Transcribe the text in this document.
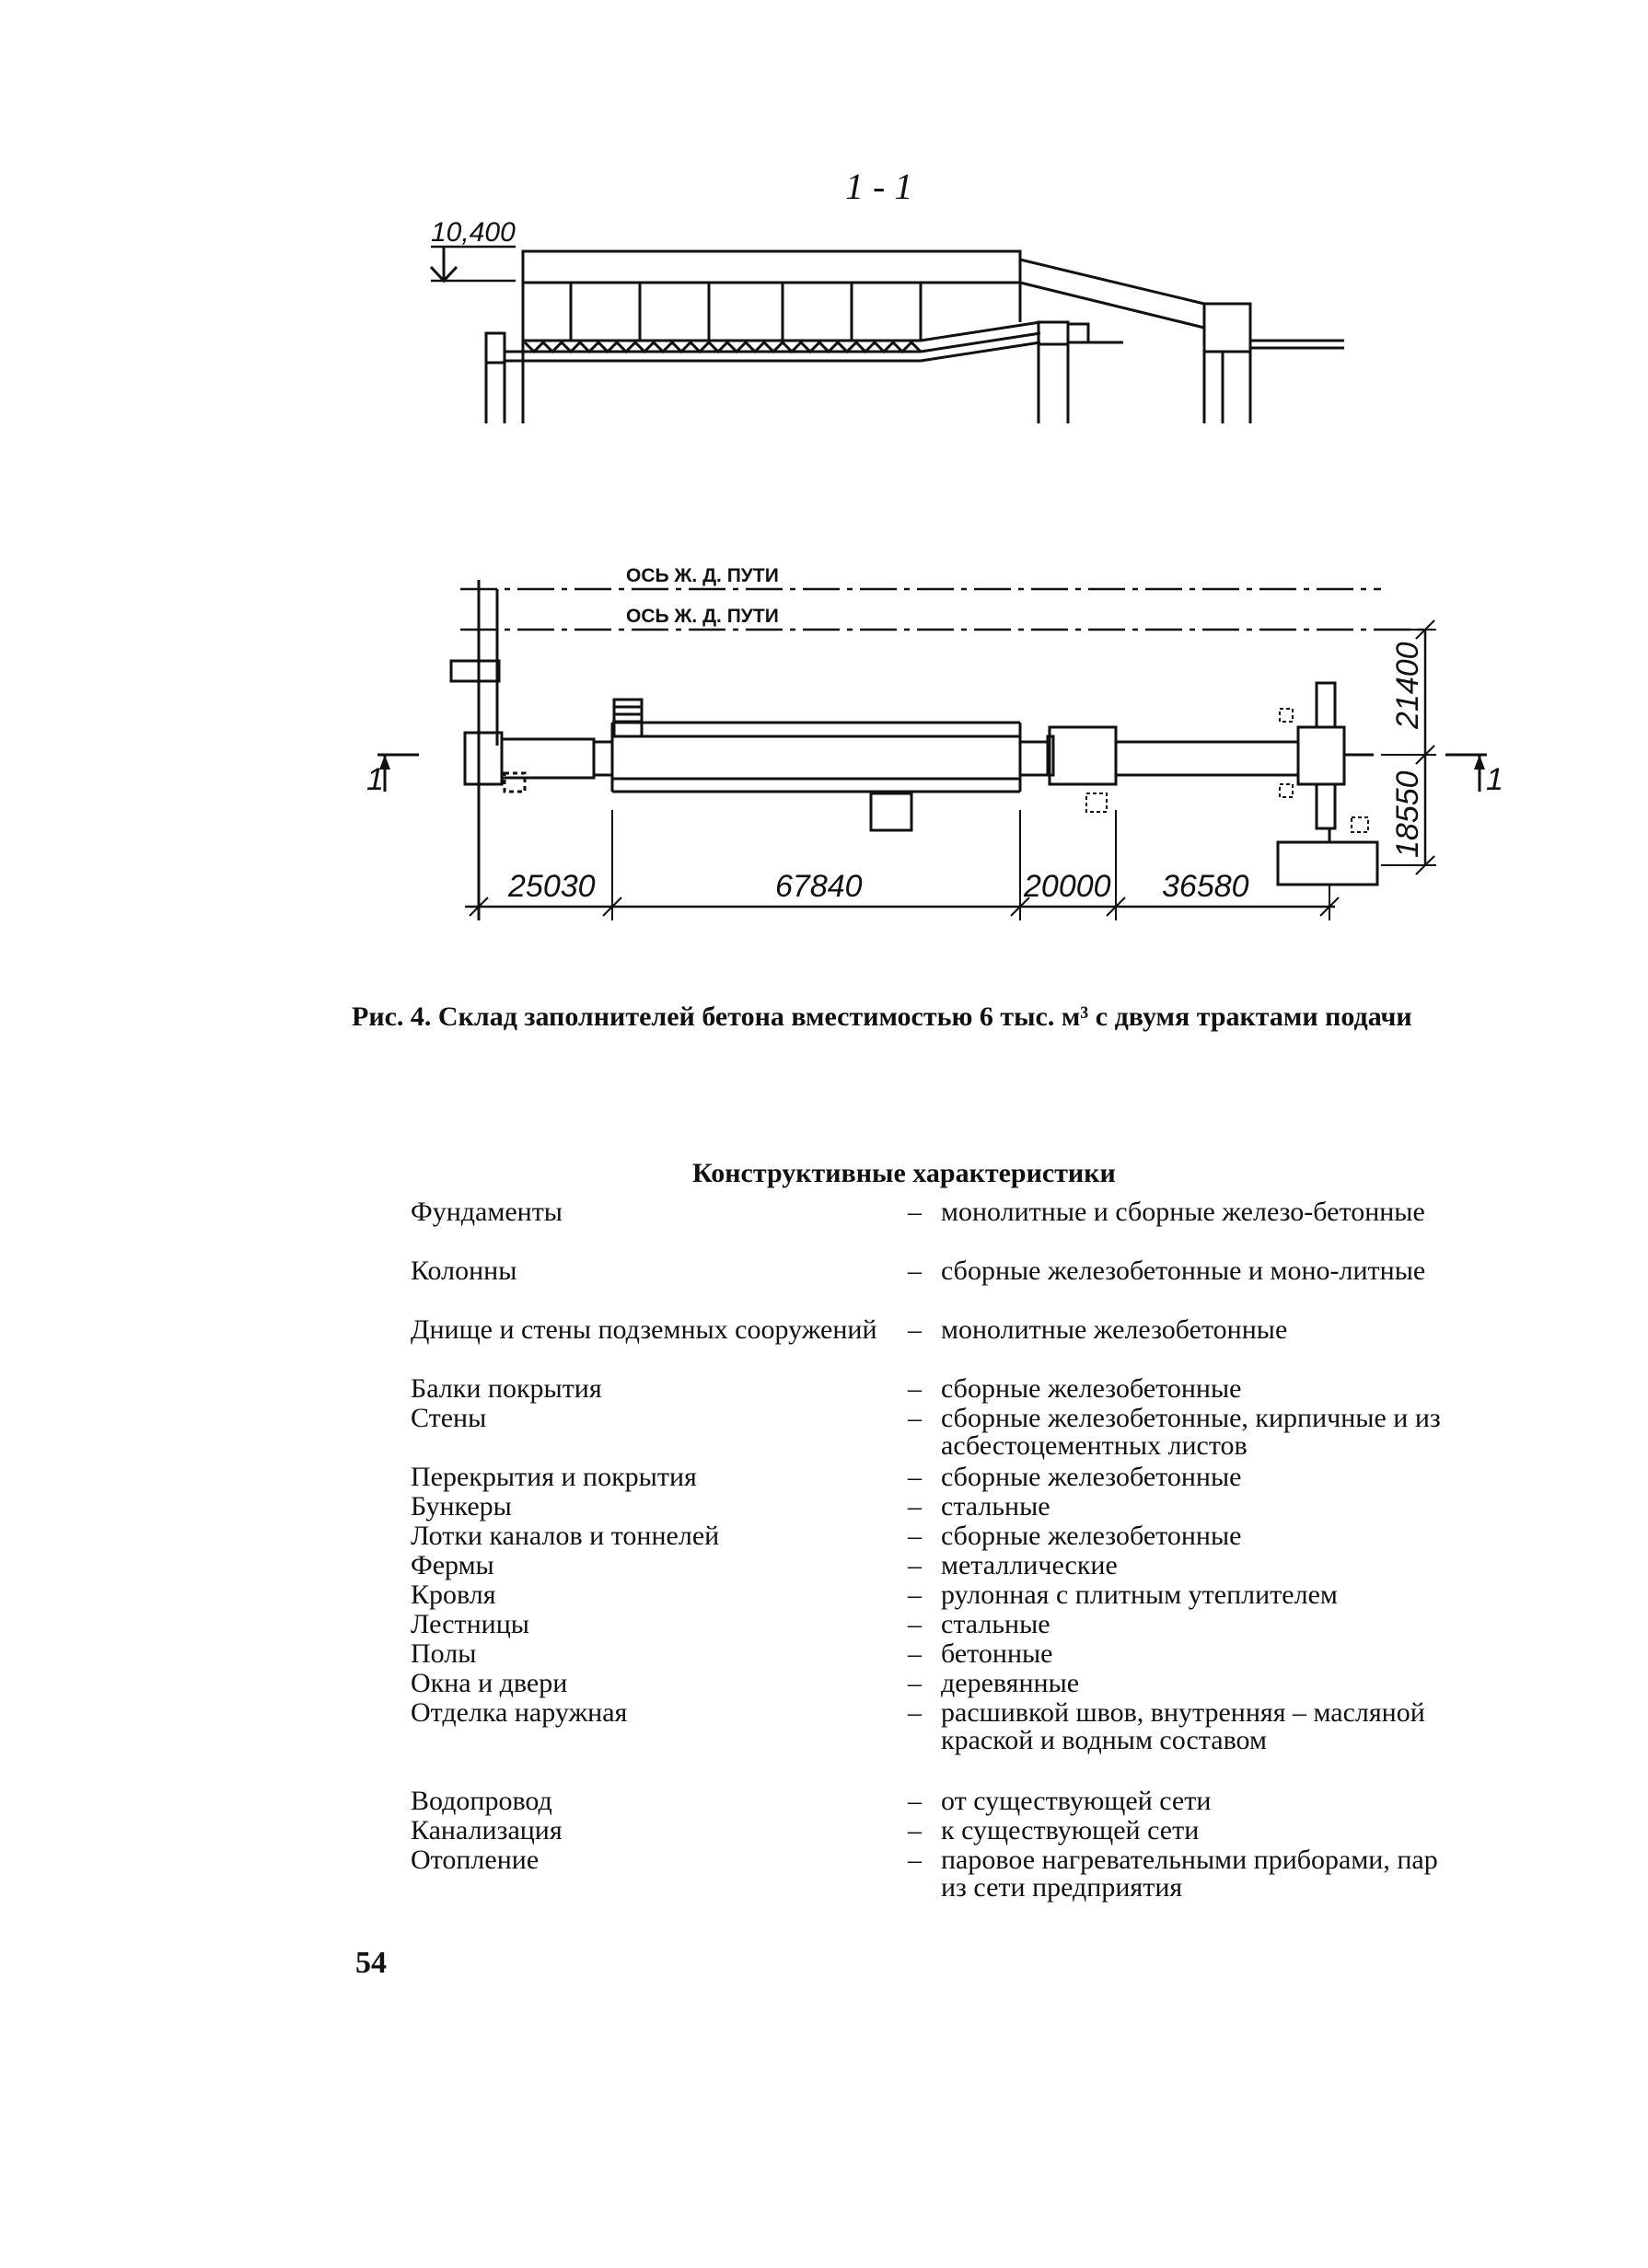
1 - 1
10,400
ОСЬ Ж. Д. ПУТИ
ОСЬ Ж. Д. ПУТИ
1	1
25030	67840	20000 36580
21400
18550
Рис. 4. Склад заполнителей бетона вместимостью 6 тыс. м³ с двумя трактами подачи
Конструктивные характеристики
Фундаменты	– монолитные и сборные железо-бетонные
Колонны	– сборные железобетонные и моно-литные
Днище и стены подземных сооружений	– монолитные железобетонные
Балки покрытия	– сборные железобетонные
Стены	– сборные железобетонные, кирпичные и из асбестоцементных листов
Перекрытия и покрытия	– сборные железобетонные
Бункеры	– стальные
Лотки каналов и тоннелей	– сборные железобетонные
Фермы	– металлические
Кровля	– рулонная с плитным утеплителем
Лестницы	– стальные
Полы	– бетонные
Окна и двери	– деревянные
Отделка наружная	– расшивкой швов, внутренняя – масляной краской и водным составом
Водопровод	– от существующей сети
Канализация	– к существующей сети
Отопление	– паровое нагревательными приборами, пар из сети предприятия
54
